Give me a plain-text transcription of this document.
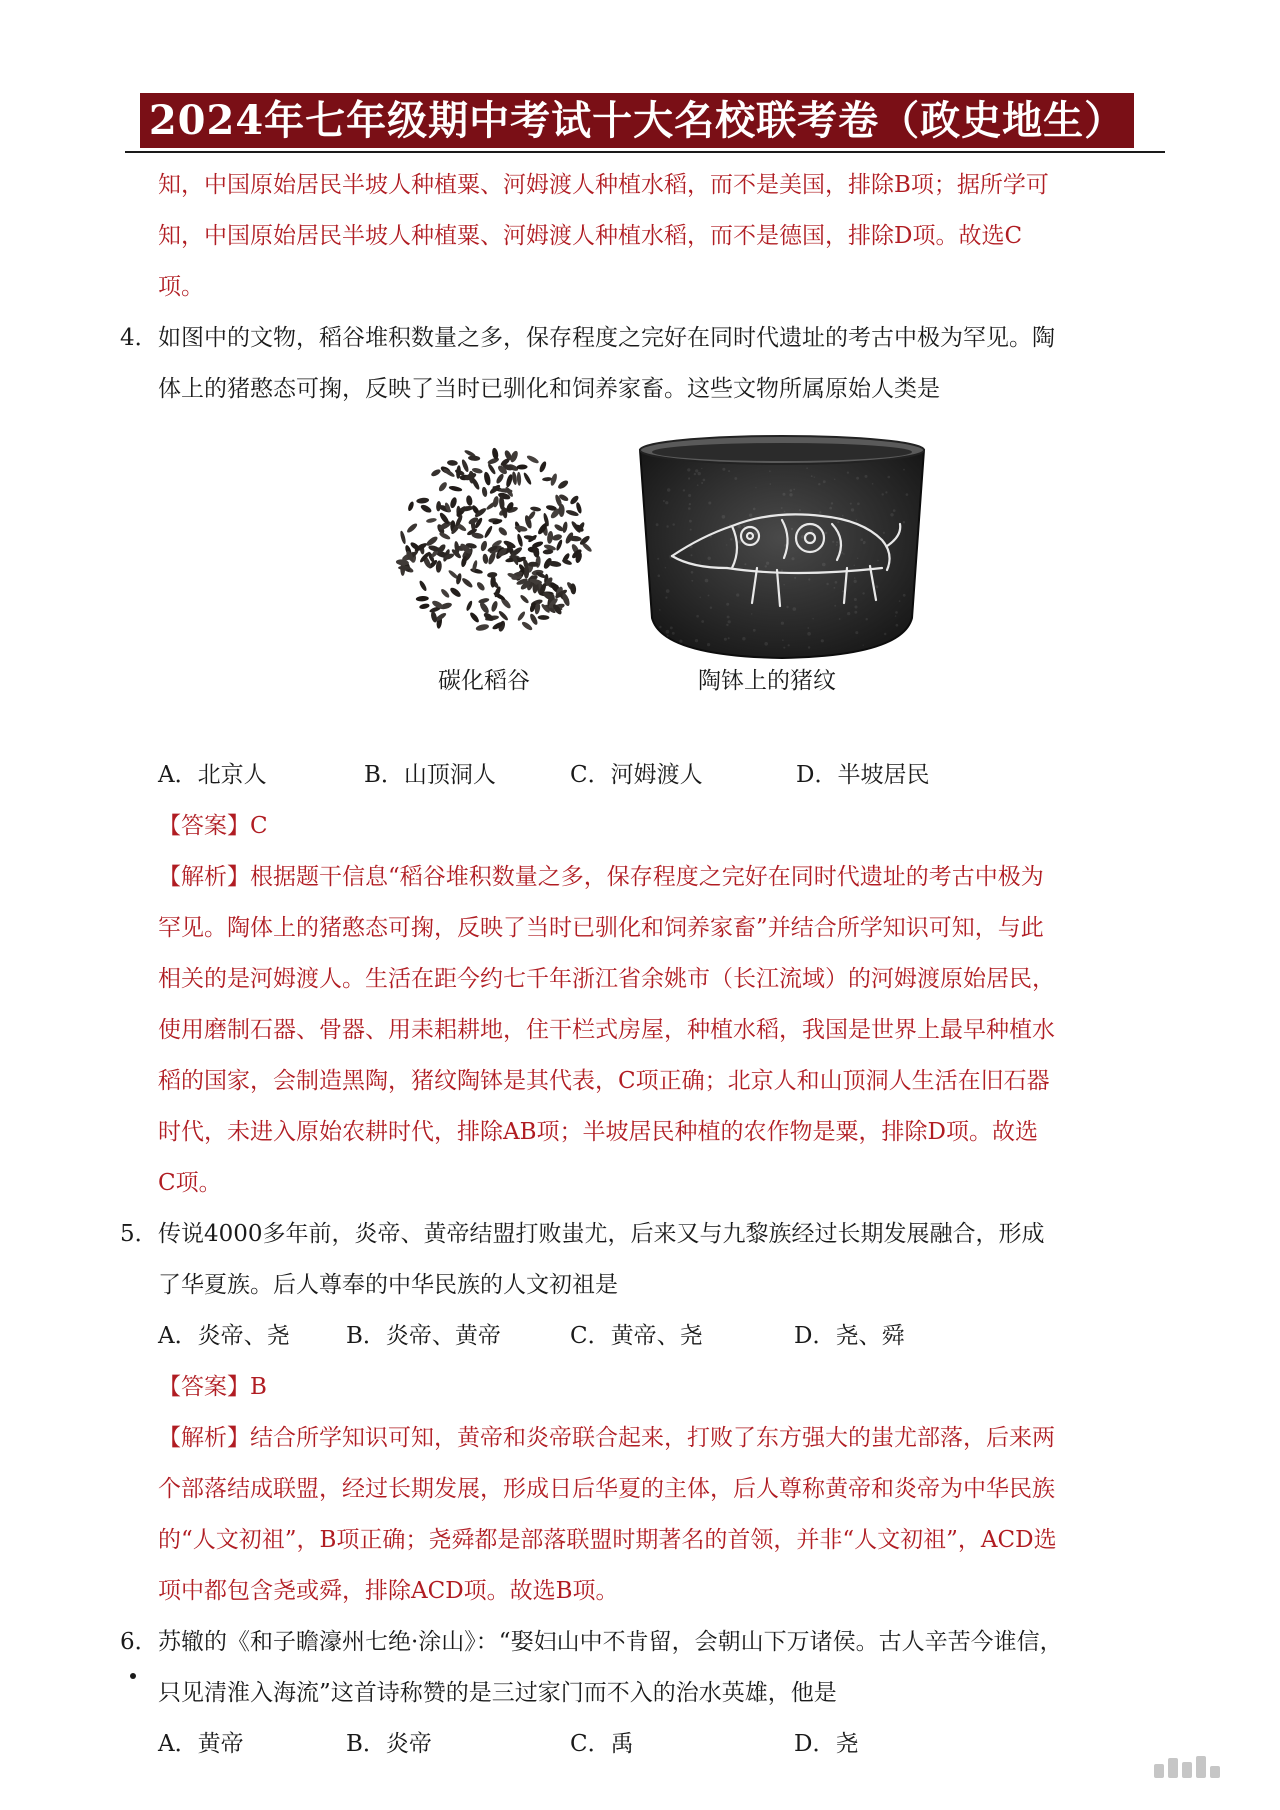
2024年七年级期中考试十大名校联考卷（政史地生）

知，中国原始居民半坡人种植粟、河姆渡人种植水稻，而不是美国，排除B项；据所学可

知，中国原始居民半坡人种植粟、河姆渡人种植水稻，而不是德国，排除D项。故选C

项。

4． 如图中的文物，稻谷堆积数量之多，保存程度之完好在同时代遗址的考古中极为罕见。陶
体上的猪憨态可掬，反映了当时已驯化和饲养家畜。这些文物所属原始人类是
碳化稻谷	陶钵上的猪纹
A．北京人	B．山顶洞人	C．河姆渡人	D．半坡居民
【答案】C

【解析】根据题干信息“稻谷堆积数量之多，保存程度之完好在同时代遗址的考古中极为

罕见。陶体上的猪憨态可掬，反映了当时已驯化和饲养家畜”并结合所学知识可知，与此

相关的是河姆渡人。生活在距今约七千年浙江省余姚市（长江流域）的河姆渡原始居民，

使用磨制石器、骨器、用耒耜耕地，住干栏式房屋，种植水稻，我国是世界上最早种植水

稻的国家，会制造黑陶，猪纹陶钵是其代表，C项正确；北京人和山顶洞人生活在旧石器

时代，未进入原始农耕时代，排除AB项；半坡居民种植的农作物是粟，排除D项。故选

C项。

5． 传说4000多年前，炎帝、黄帝结盟打败蚩尤，后来又与九黎族经过长期发展融合，形成
了华夏族。后人尊奉的中华民族的人文初祖是
A．炎帝、尧	B．炎帝、黄帝	C．黄帝、尧	D．尧、舜
【答案】B

【解析】结合所学知识可知，黄帝和炎帝联合起来，打败了东方强大的蚩尤部落，后来两

个部落结成联盟，经过长期发展，形成日后华夏的主体，后人尊称黄帝和炎帝为中华民族

的“人文初祖”，B项正确；尧舜都是部落联盟时期著名的首领，并非“人文初祖”，ACD选

项中都包含尧或舜，排除ACD项。故选B项。

6． 苏辙的《和子瞻濠州七绝·涂山》：“娶妇山中不肯留，会朝山下万诸侯。古人辛苦今谁信，
只见清淮入海流”这首诗称赞的是三过家门而不入的治水英雄，他是
A．黄帝	B．炎帝	C．禹	D．尧
